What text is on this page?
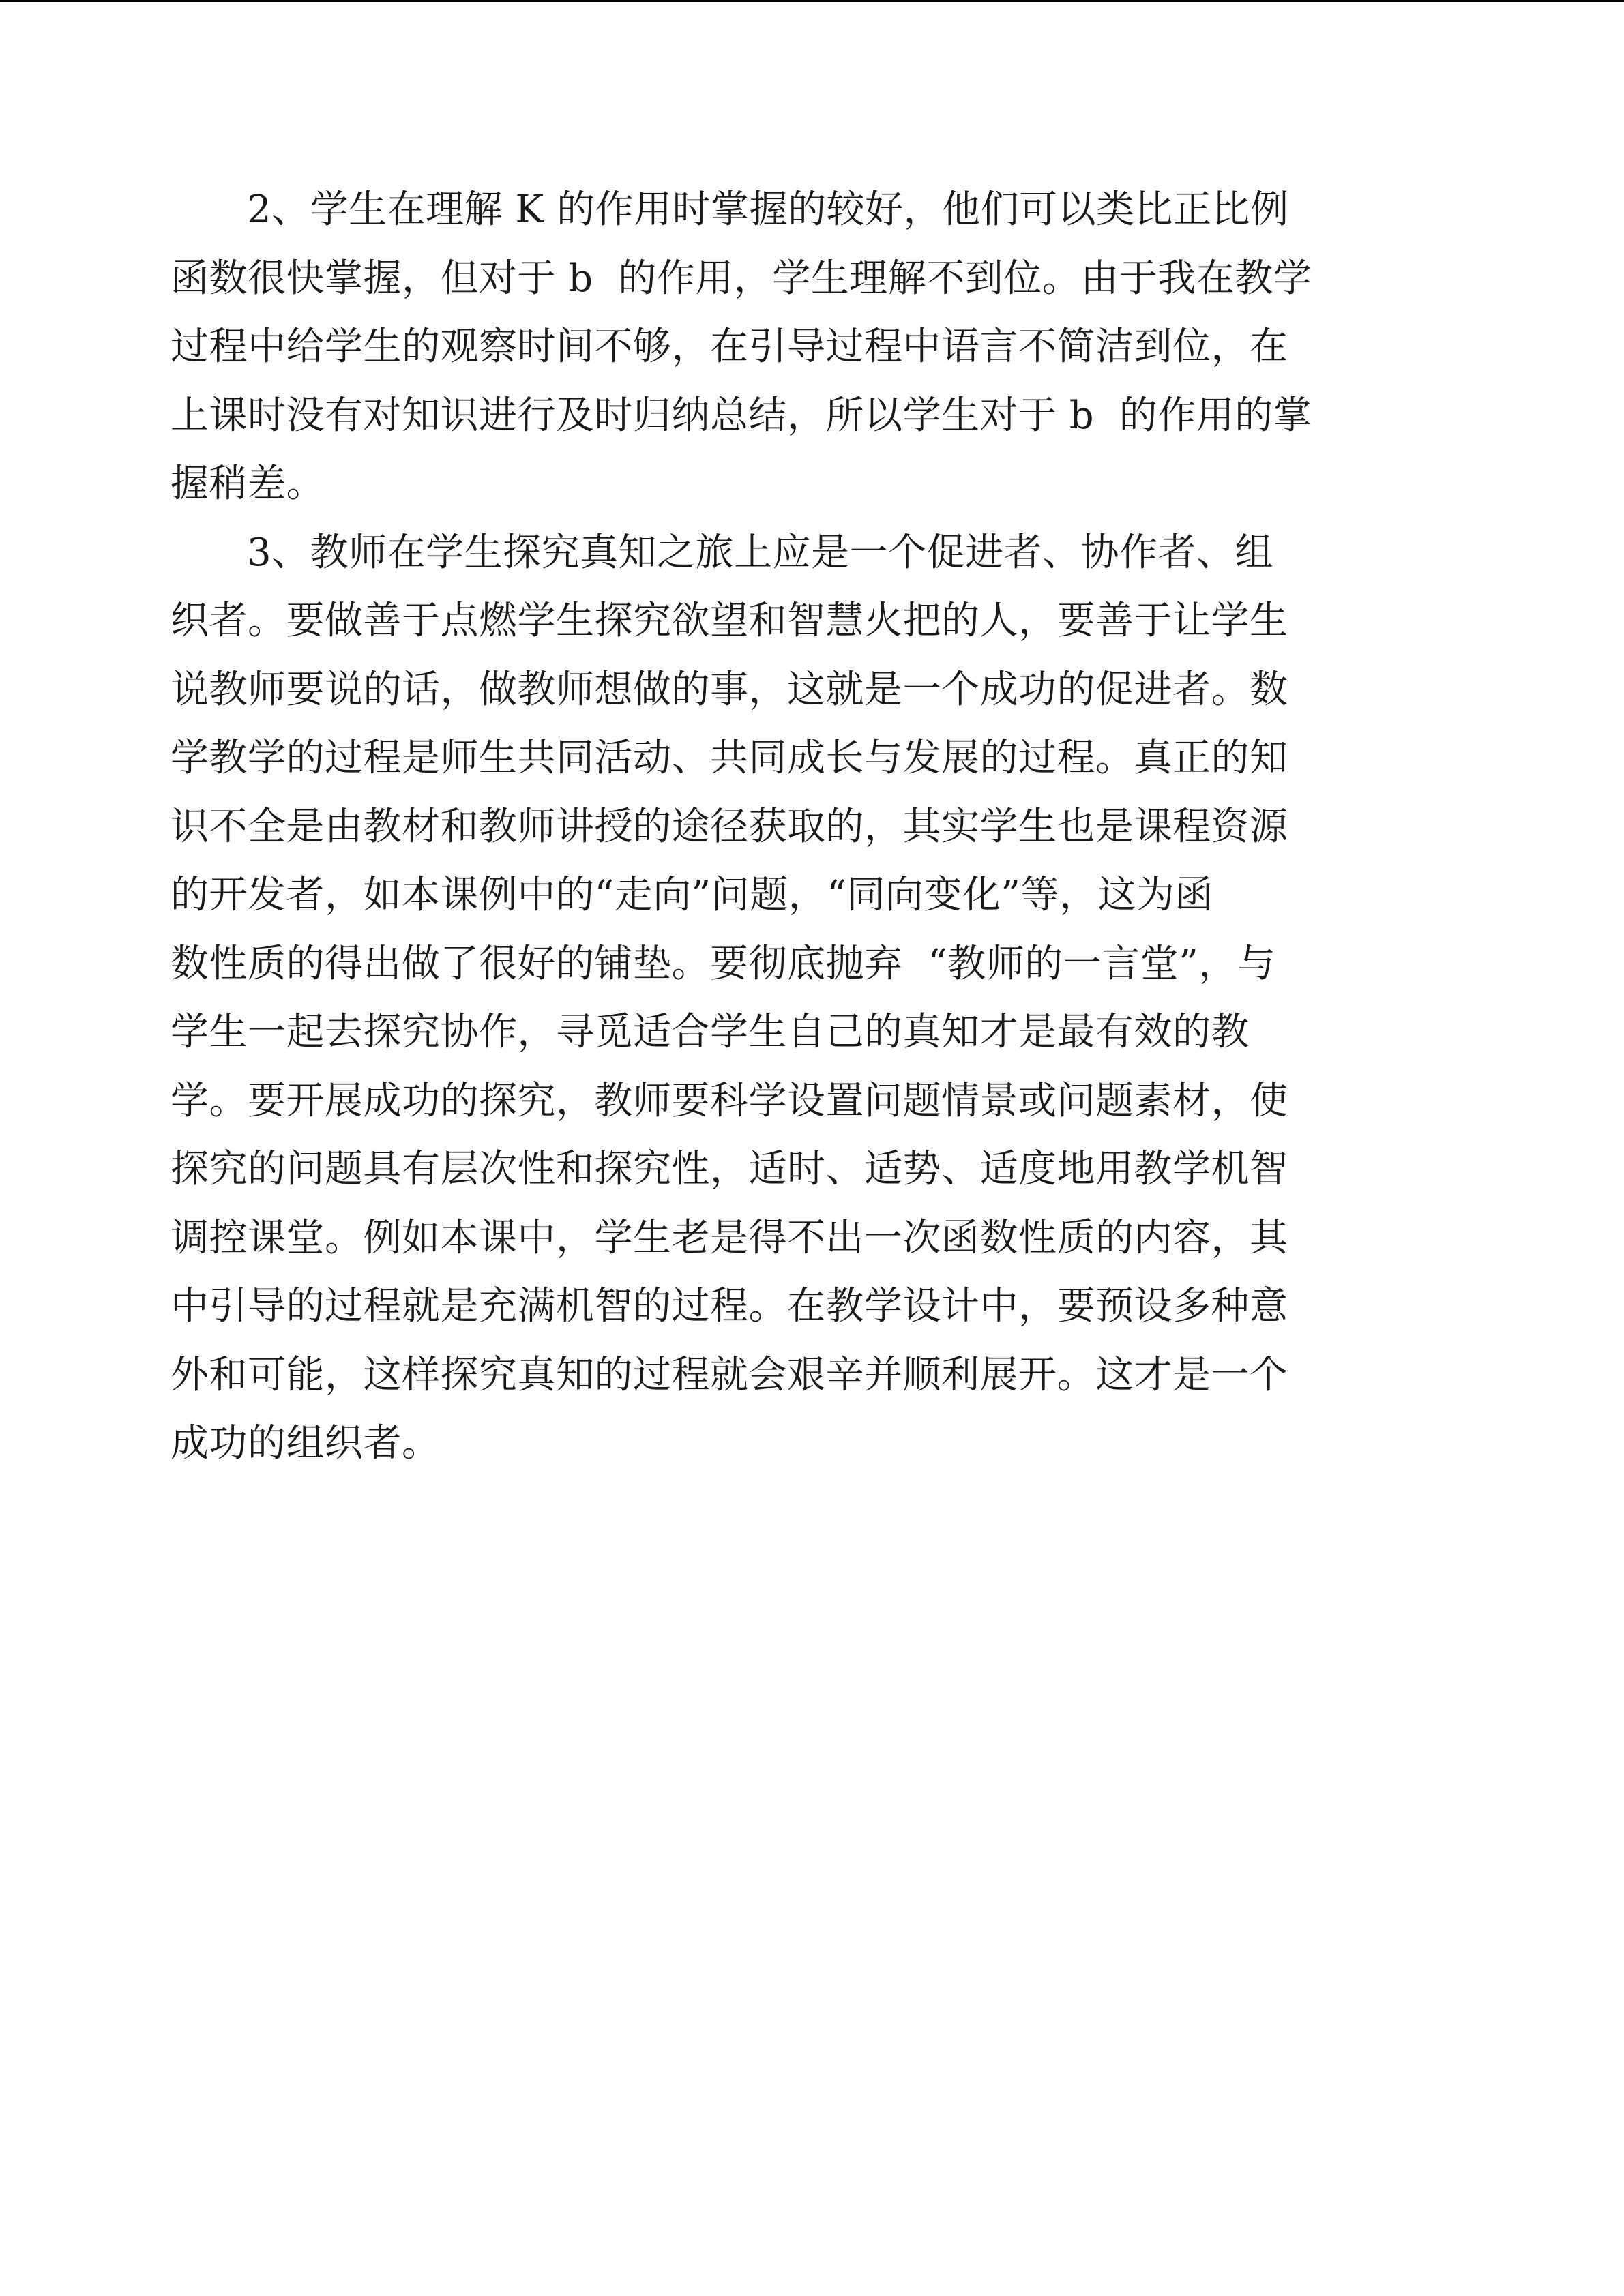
2、学生在理解 K 的作用时掌握的较好，他们可以类比正比例
函数很快掌握，但对于 b  的作用，学生理解不到位。由于我在教学
过程中给学生的观察时间不够，在引导过程中语言不简洁到位，在
上课时没有对知识进行及时归纳总结，所以学生对于 b  的作用的掌
握稍差。
3、教师在学生探究真知之旅上应是一个促进者、协作者、组
织者。要做善于点燃学生探究欲望和智慧火把的人，要善于让学生
说教师要说的话，做教师想做的事，这就是一个成功的促进者。数
学教学的过程是师生共同活动、共同成长与发展的过程。真正的知
识不全是由教材和教师讲授的途径获取的，其实学生也是课程资源
的开发者，如本课例中的“走向”问题，“同向变化”等，这为函
数性质的得出做了很好的铺垫。要彻底抛弃  “教师的一言堂”，与
学生一起去探究协作，寻觅适合学生自己的真知才是最有效的教
学。要开展成功的探究，教师要科学设置问题情景或问题素材，使
探究的问题具有层次性和探究性，适时、适势、适度地用教学机智
调控课堂。例如本课中，学生老是得不出一次函数性质的内容，其
中引导的过程就是充满机智的过程。在教学设计中，要预设多种意
外和可能，这样探究真知的过程就会艰辛并顺利展开。这才是一个
成功的组织者。
